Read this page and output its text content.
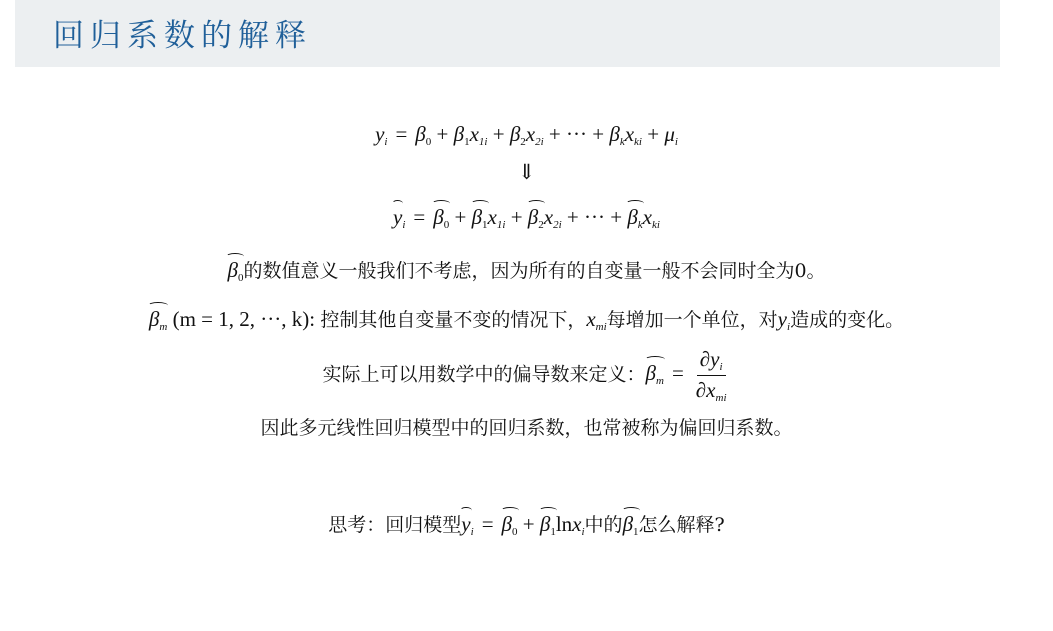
回归系数的解释
$y_i = \beta_0 + \beta_1x_{1i} + \beta_2x_{2i}$ + ··· + $\beta_kx_{ki} + \mu_i$
⇓
$y_i = \beta_0 + \beta_1x_{1i} + \beta_2x_{2i}$ + ··· + $\beta_kx_{ki}$
$\beta_0$的数值意义一般我们不考虑，因为所有的自变量一般不会同时全为0。
$\beta_m$ (m = 1, 2, ···, k): 控制其他自变量不变的情况下，$x_{mi}$每增加一个单位，对$y_i$造成的变化。
实际上可以用数学中的偏导数来定义：$\beta_m = \frac{\partial y_i}{\partial x_{mi}}$
因此多元线性回归模型中的回归系数，也常被称为偏回归系数。
思考：回归模型$y_i = \beta_0 + \beta_1\ln x_i$中的$\beta_1$怎么解释?
